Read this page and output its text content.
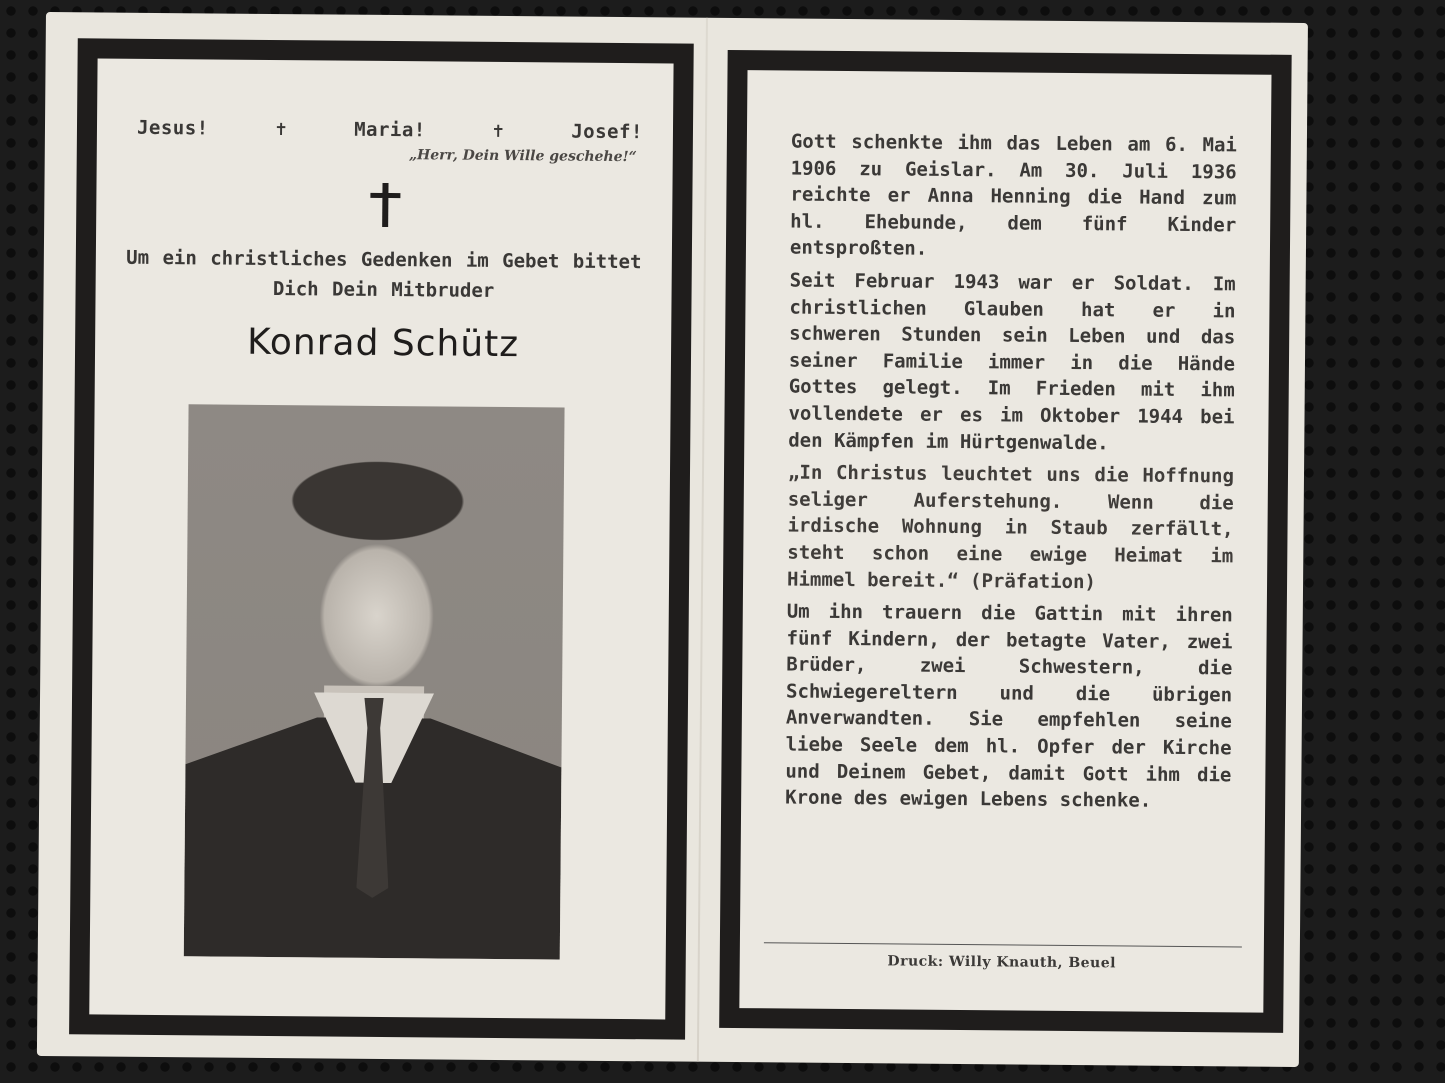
Jesus!	✝	Maria!	✝	Josef!
„Herr, Dein Wille geschehe!“
Um ein christliches Gedenken im Gebet bittet Dich Dein Mitbruder
Konrad Schütz

Gott schenkte ihm das Leben am 6. Mai 1906 zu Geislar. Am 30. Juli 1936 reichte er Anna Henning die Hand zum hl. Ehebunde, dem fünf Kinder entsproßten.

Seit Februar 1943 war er Soldat. Im christlichen Glauben hat er in schweren Stunden sein Leben und das seiner Familie immer in die Hände Gottes gelegt. Im Frieden mit ihm vollendete er es im Oktober 1944 bei den Kämpfen im Hürtgenwalde.

„In Christus leuchtet uns die Hoffnung seliger Auferstehung. Wenn die irdische Wohnung in Staub zerfällt, steht schon eine ewige Heimat im Himmel bereit.“ (Präfation)

Um ihn trauern die Gattin mit ihren fünf Kindern, der betagte Vater, zwei Brüder, zwei Schwestern, die Schwiegereltern und die übrigen Anverwandten. Sie empfehlen seine liebe Seele dem hl. Opfer der Kirche und Deinem Gebet, damit Gott ihm die Krone des ewigen Lebens schenke.

Druck: Willy Knauth, Beuel
